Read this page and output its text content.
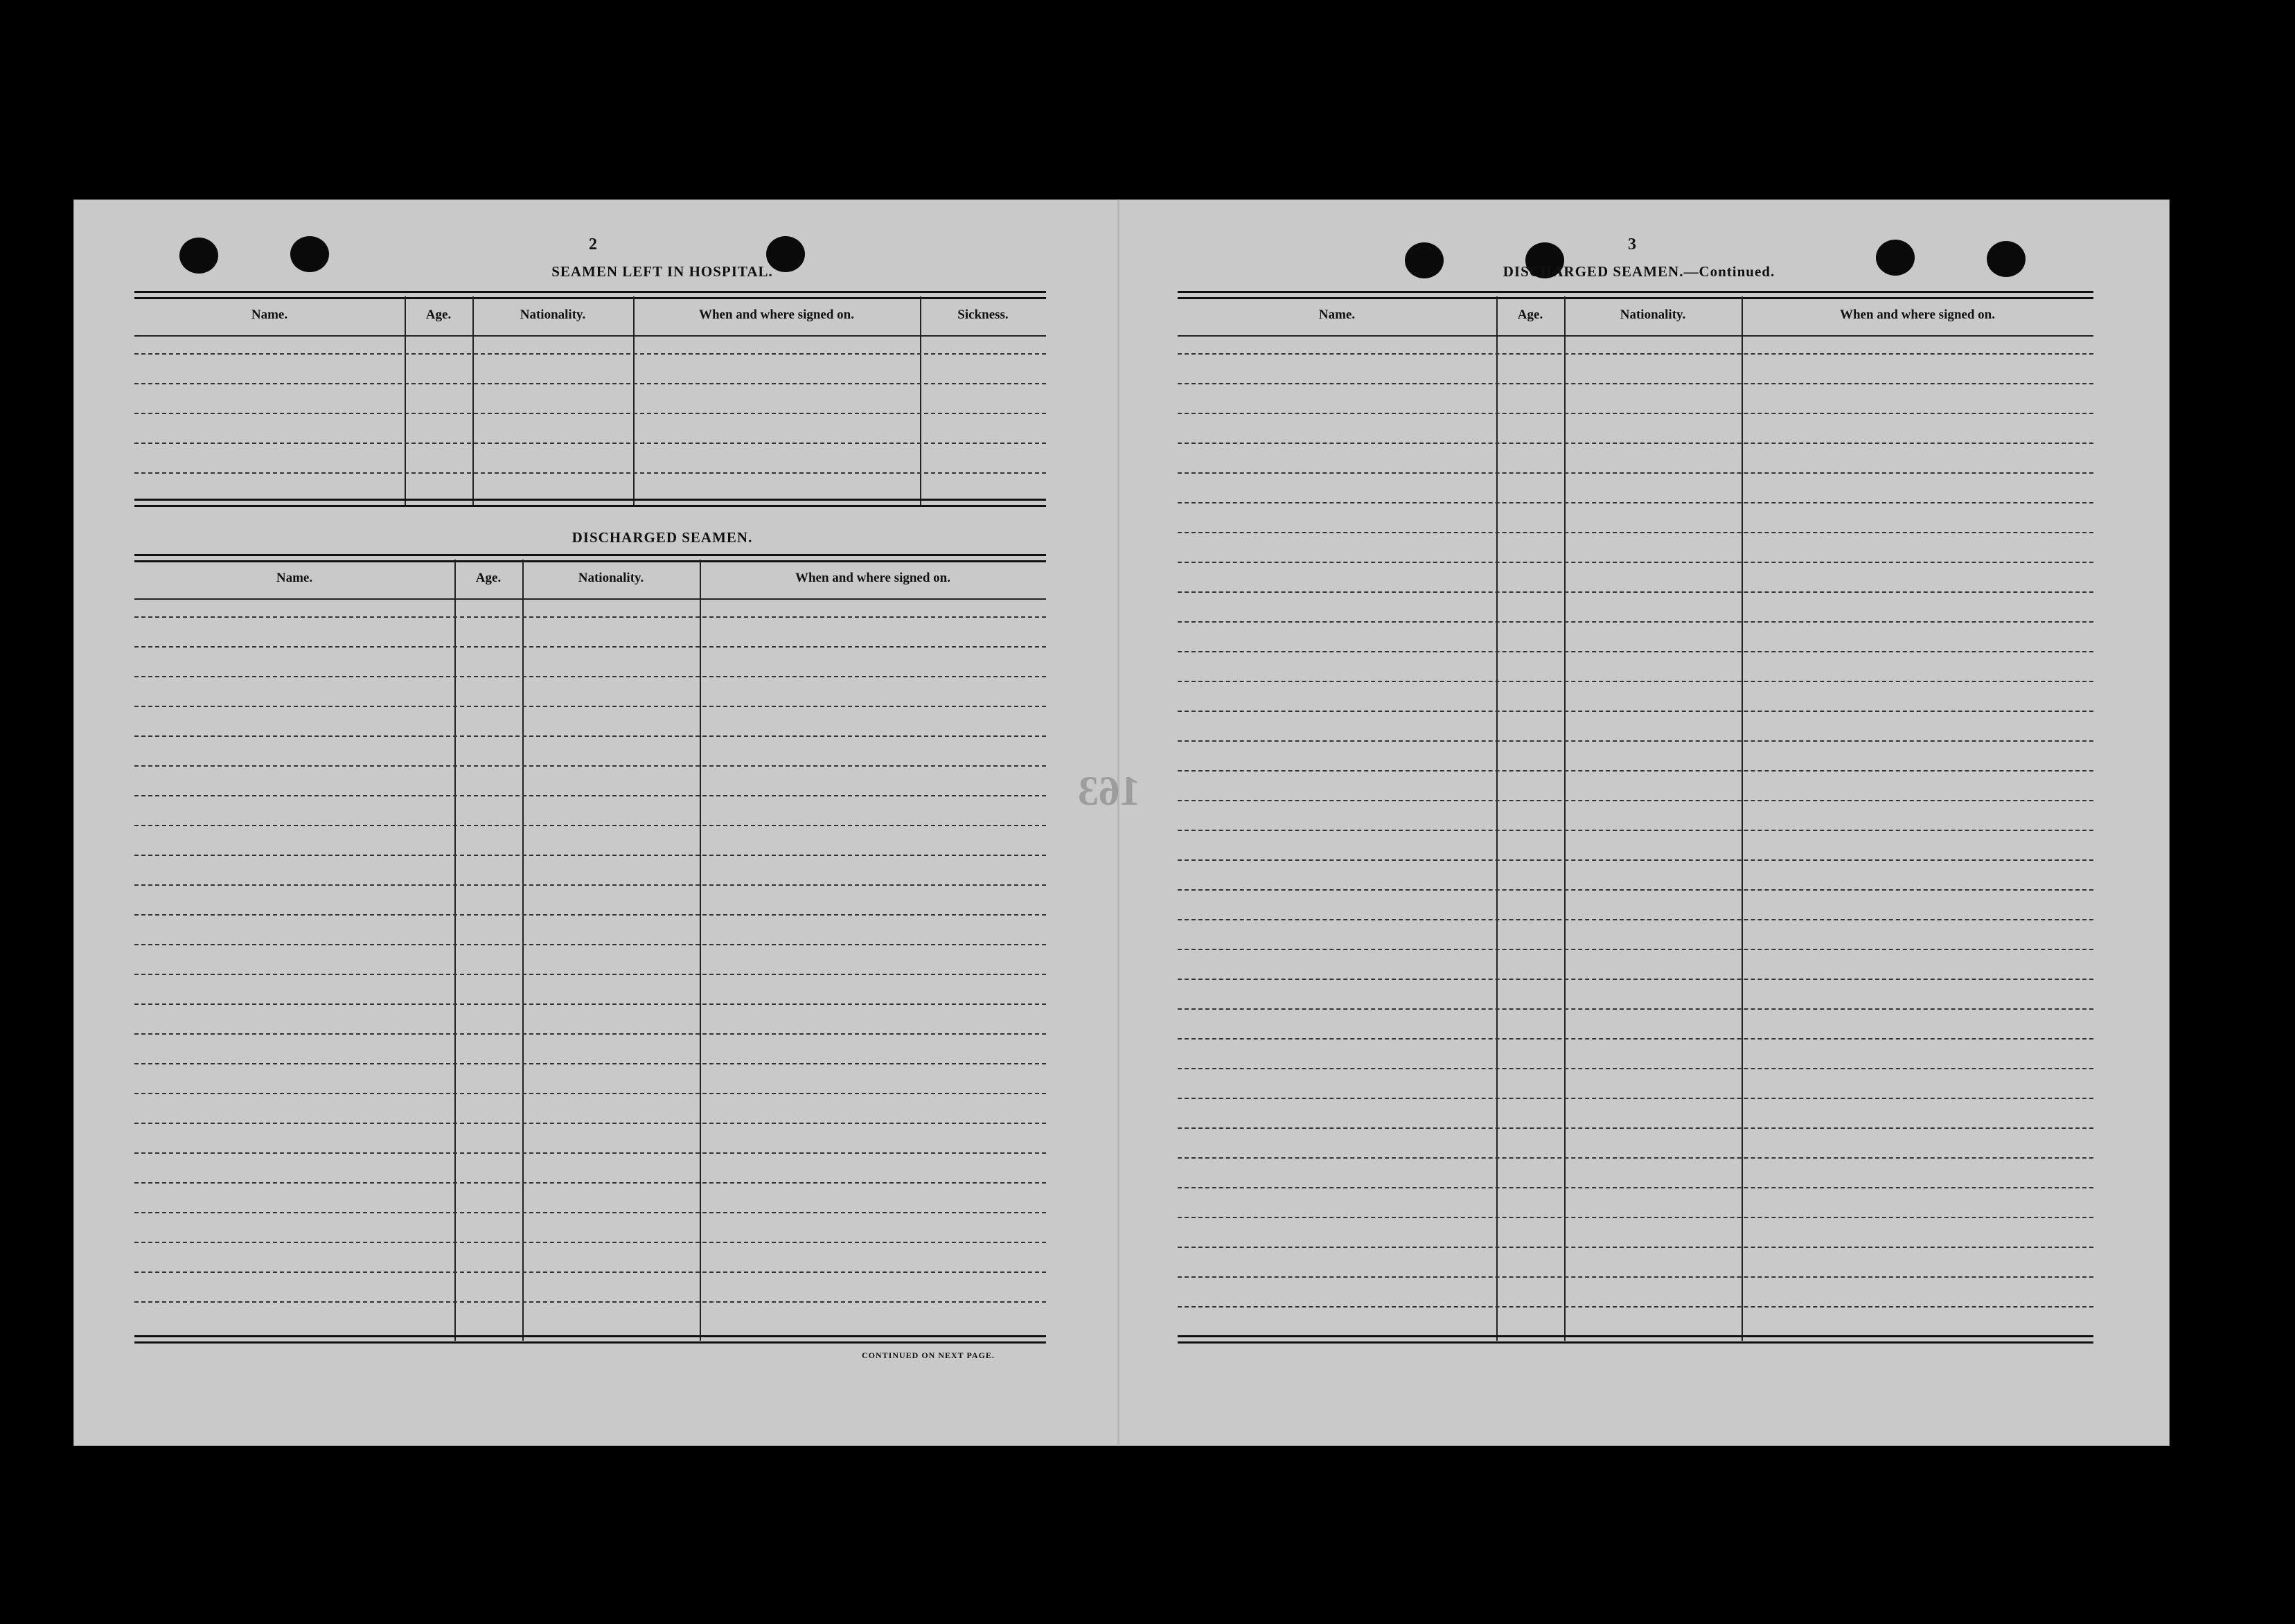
163
2
SEAMEN LEFT IN HOSPITAL.
Name.	Age.	Nationality.	When and where signed on.	Sickness.
DISCHARGED SEAMEN.
Name.	Age.	Nationality.	When and where signed on.
CONTINUED ON NEXT PAGE.
3
DISCHARGED SEAMEN.—Continued.
Name.	Age.	Nationality.	When and where signed on.
